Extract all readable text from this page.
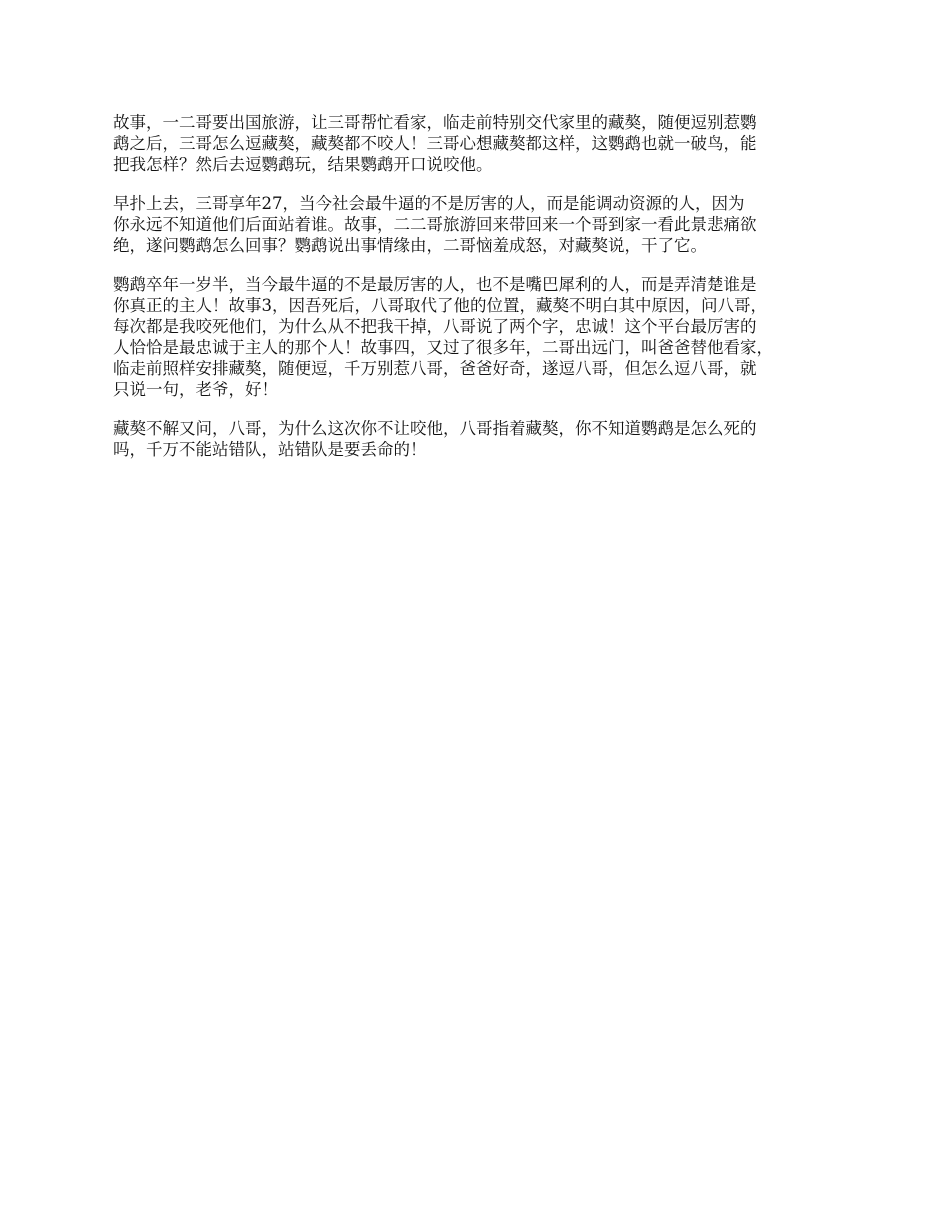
故事，一二哥要出国旅游，让三哥帮忙看家，临走前特别交代家里的藏獒，随便逗别惹鹦
鹉之后，三哥怎么逗藏獒，藏獒都不咬人！三哥心想藏獒都这样，这鹦鹉也就一破鸟，能
把我怎样？然后去逗鹦鹉玩，结果鹦鹉开口说咬他。

早扑上去，三哥享年27，当今社会最牛逼的不是厉害的人，而是能调动资源的人，因为
你永远不知道他们后面站着谁。故事，二二哥旅游回来带回来一个哥到家一看此景悲痛欲
绝，遂问鹦鹉怎么回事？鹦鹉说出事情缘由，二哥恼羞成怒，对藏獒说，干了它。

鹦鹉卒年一岁半，当今最牛逼的不是最厉害的人，也不是嘴巴犀利的人，而是弄清楚谁是
你真正的主人！故事3，因吾死后，八哥取代了他的位置，藏獒不明白其中原因，问八哥，
每次都是我咬死他们，为什么从不把我干掉，八哥说了两个字，忠诚！这个平台最厉害的
人恰恰是最忠诚于主人的那个人！故事四，又过了很多年，二哥出远门，叫爸爸替他看家，
临走前照样安排藏獒，随便逗，千万别惹八哥，爸爸好奇，遂逗八哥，但怎么逗八哥，就
只说一句，老爷，好！

藏獒不解又问，八哥，为什么这次你不让咬他，八哥指着藏獒，你不知道鹦鹉是怎么死的
吗，千万不能站错队，站错队是要丢命的！
